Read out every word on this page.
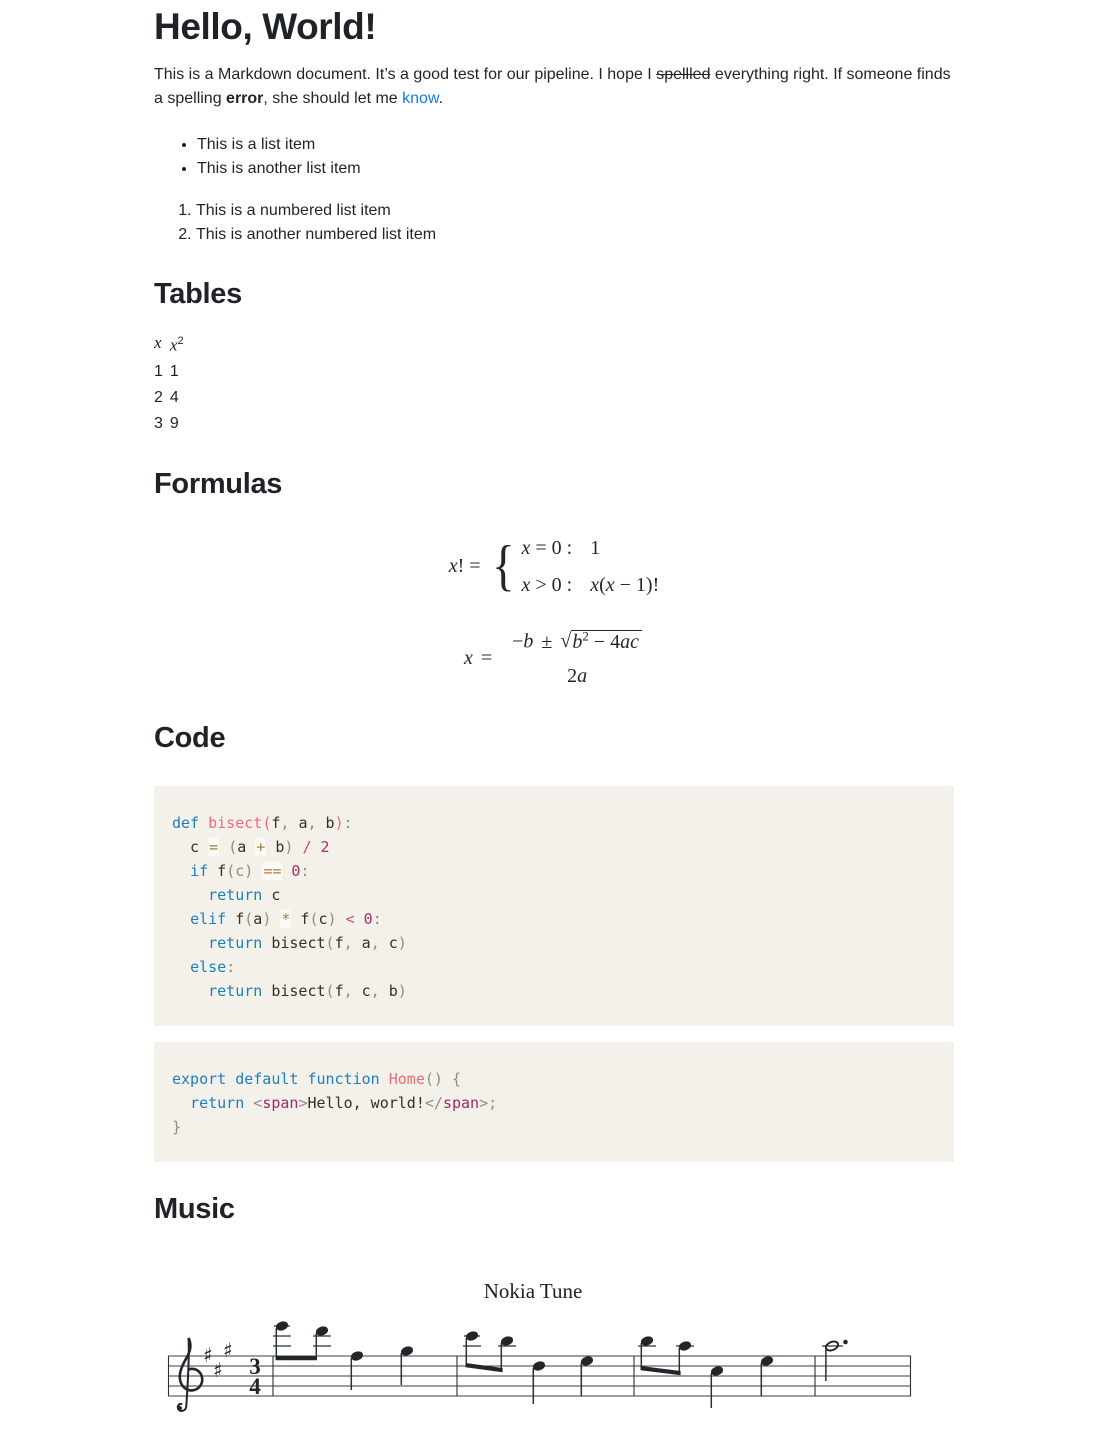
Hello, World!

This is a Markdown document. It’s a good test for our pipeline. I hope I spellled everything right. If someone finds a spelling error, she should let me know.

• This is a list item
• This is another list item
1. This is a numbered list item
2. This is another numbered list item
Tables
x	$x^2$
1	1
2	4
3	9
Formulas
x! = { x = 0 : 1
x > 0 : x(x − 1)!
x =
$-b \pm √b^2 - 4ac$
2a
Code
def bisect(f, a, b):
c = (a + b) / 2
if f(c) == 0:
return c
elif f(a) * f(c) < 0:
return bisect(f, a, c)
else:
return bisect(f, c, b)
export default function Home() {
return <span>Hello, world!</span>;
}
Music
Nokia Tune
♯
♯
♯
3
4
